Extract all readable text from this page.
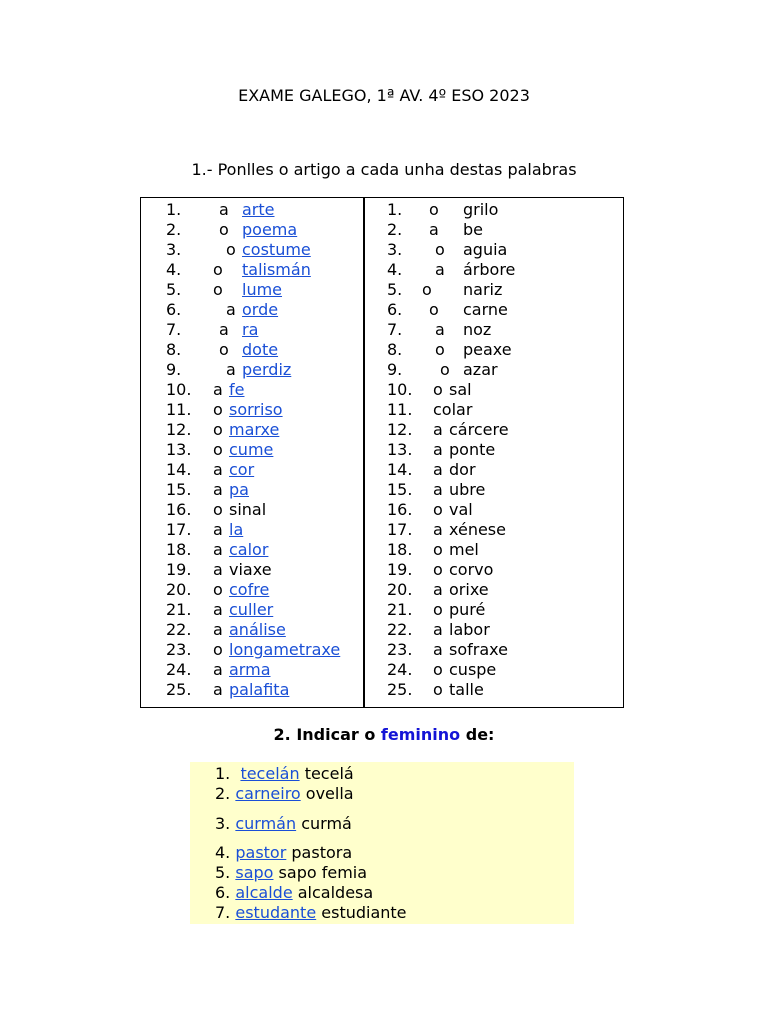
EXAME GALEGO, 1ª AV. 4º ESO 2023
1.- Ponlles o artigo a cada unha destas palabras
1. a arte
2. o poema
3.	o costume
4. o talismán
5. o lume
6.	a orde
7. a ra
8. o dote
9.	a perdiz
10. a fe
11. o sorriso
12. o marxe
13. o cume
14. a cor
15. a pa
16. o sinal
17. a la
18. a calor
19. a viaxe
20. o cofre
21. a culler
22. a análise
23. o longametraxe
24. a arma
25. a palafita
1. o grilo
2. a be
3. o aguia
4. a árbore
5. o nariz
6. o carne
7. a noz
8. o peaxe
9. o azar
10. o sal
11. colar
12. a cárcere
13. a ponte
14. a dor
15. a ubre
16. o val
17. a xénese
18. o mel
19. o corvo
20. a orixe
21. o puré
22. a labor
23. a sofraxe
24. o cuspe
25. o talle
2. Indicar o feminino de:
1. tecelán tecelá
2. carneiro ovella
3. curmán curmá
4. pastor pastora
5. sapo sapo femia
6. alcalde alcaldesa
7. estudante estudiante
